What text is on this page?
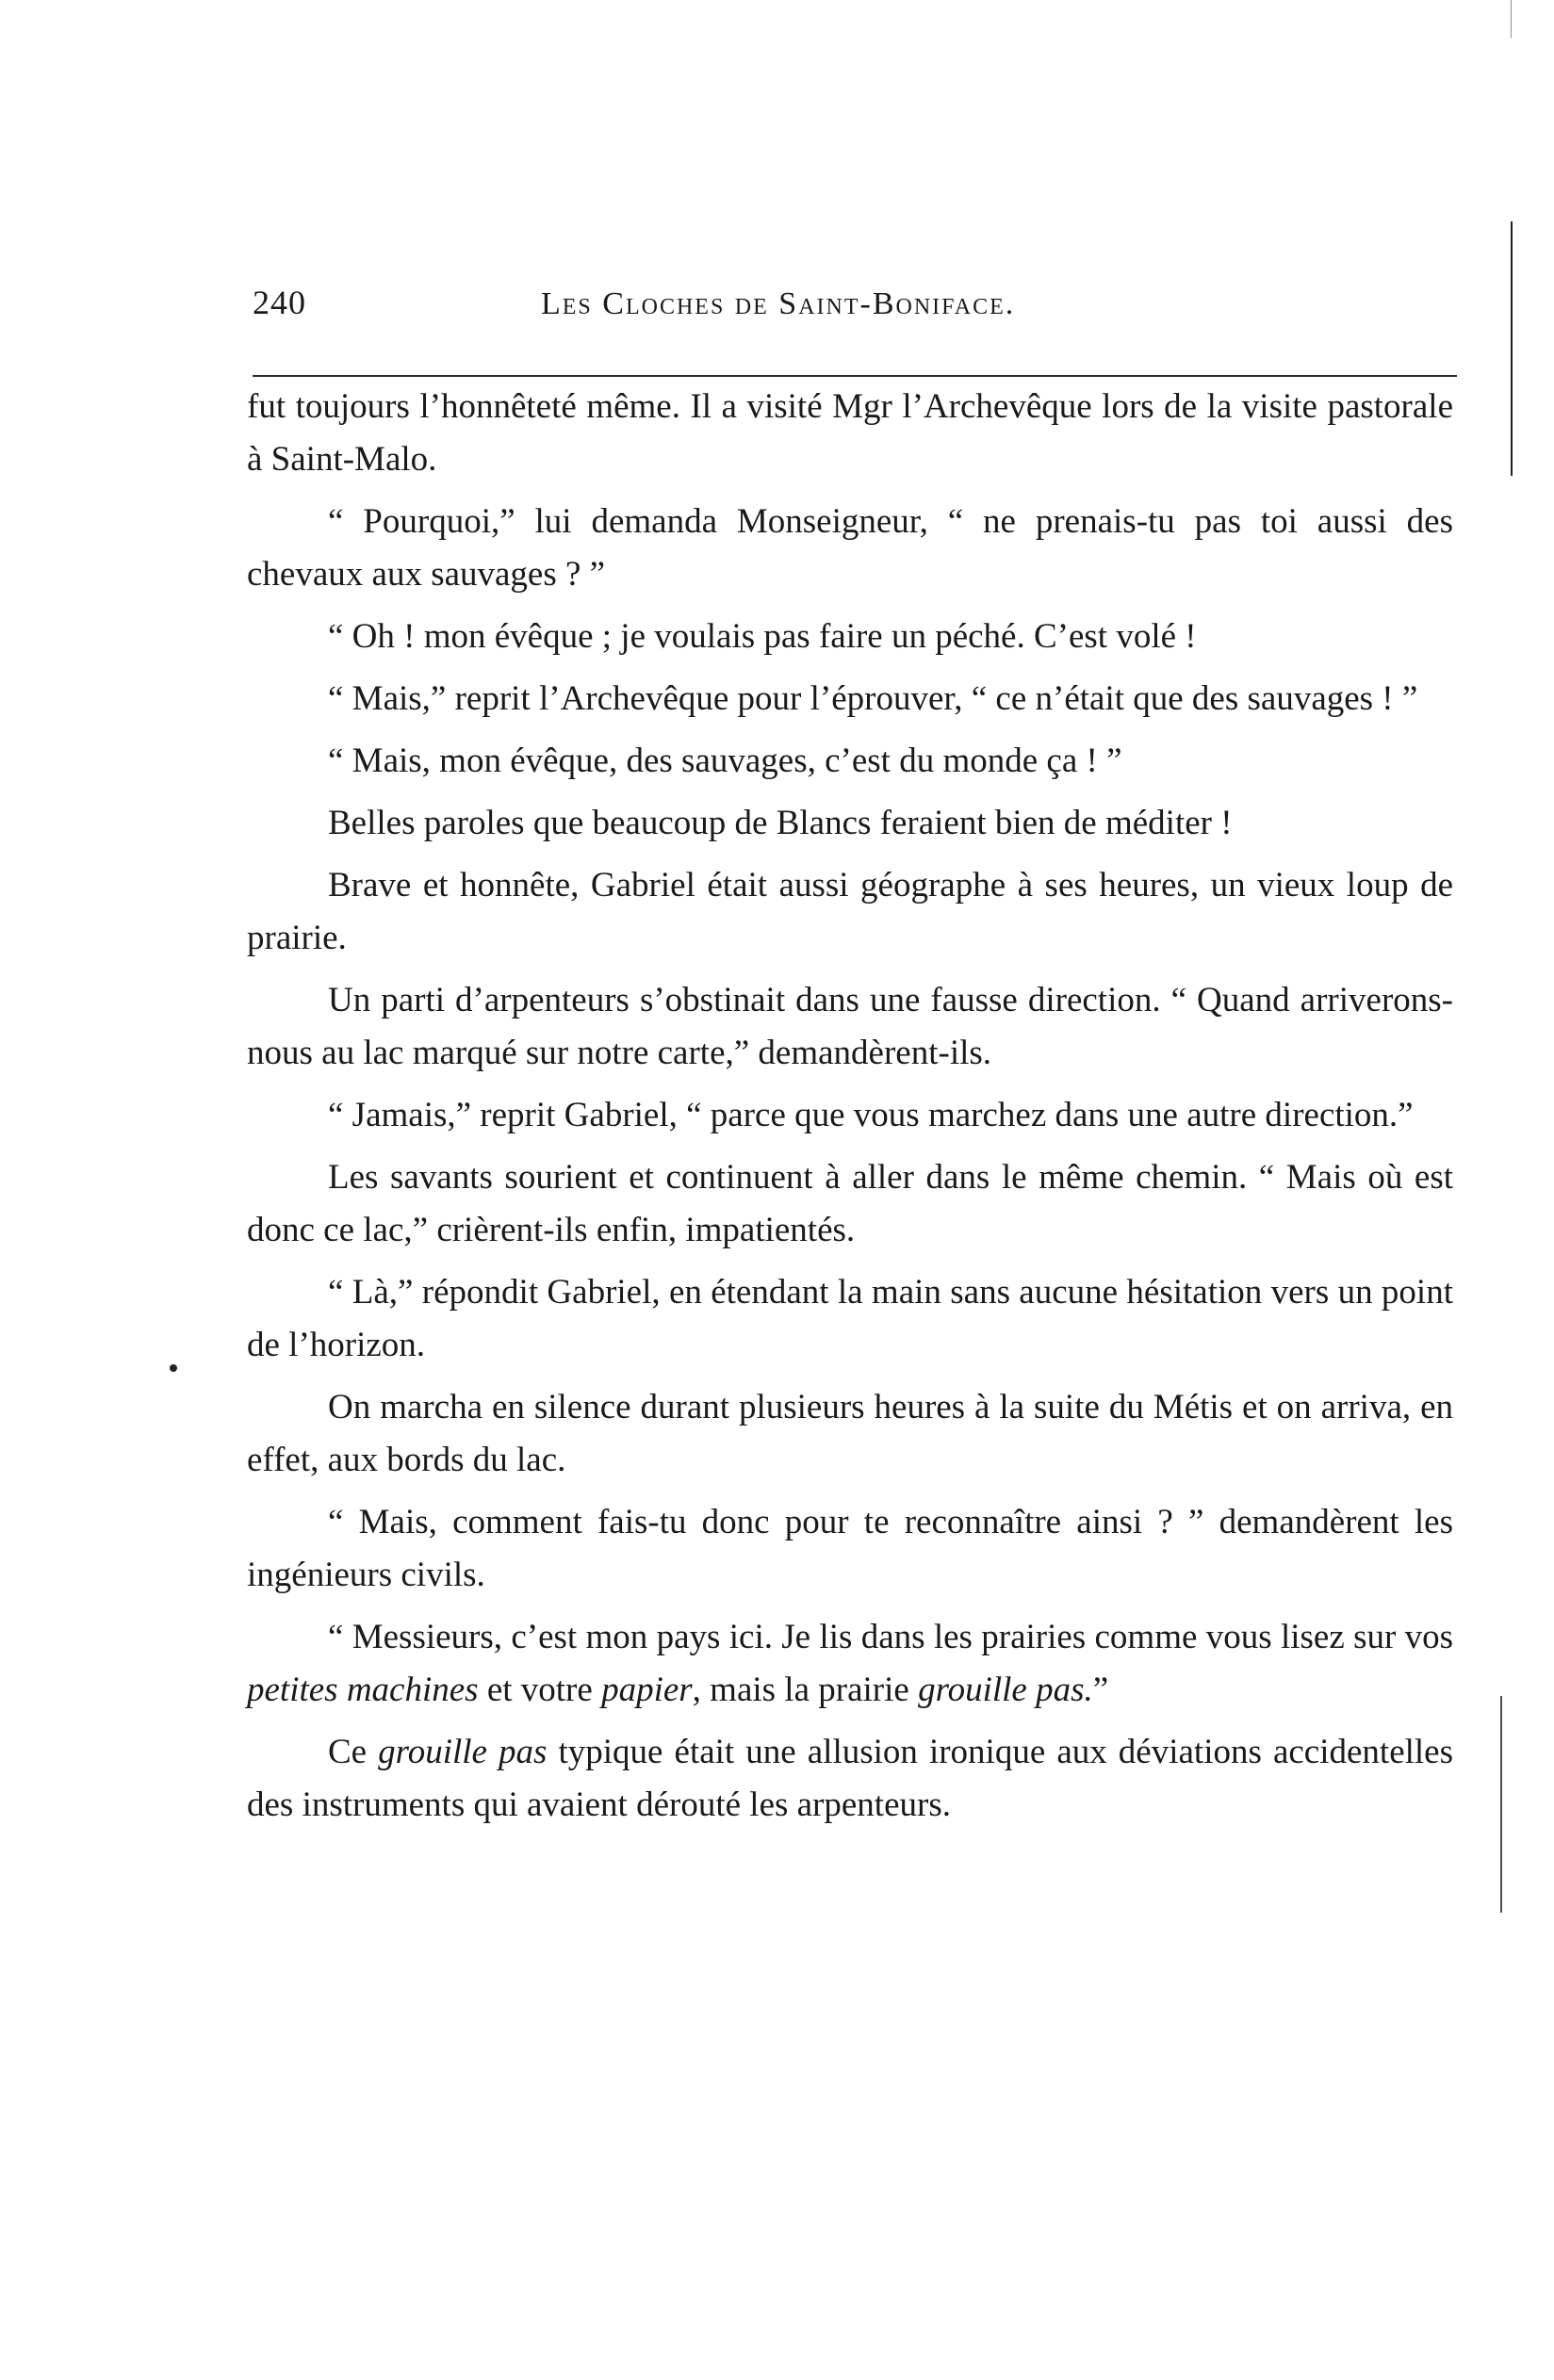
240	Les Cloches de Saint-Boniface.

fut toujours l’honnêteté même. Il a visité Mgr l’Archevêque lors de la visite pastorale à Saint-Malo.

“ Pourquoi,” lui demanda Monseigneur, “ ne prenais-tu pas toi aussi des chevaux aux sauvages ? ”

“ Oh ! mon évêque ; je voulais pas faire un péché. C’est volé !

“ Mais,” reprit l’Archevêque pour l’éprouver, “ ce n’était que des sauvages ! ”

“ Mais, mon évêque, des sauvages, c’est du monde ça ! ”

Belles paroles que beaucoup de Blancs feraient bien de méditer !

Brave et honnête, Gabriel était aussi géographe à ses heures, un vieux loup de prairie.

Un parti d’arpenteurs s’obstinait dans une fausse direction. “ Quand arriverons-nous au lac marqué sur notre carte,” demandèrent-ils.

“ Jamais,” reprit Gabriel, “ parce que vous marchez dans une autre direction.”

Les savants sourient et continuent à aller dans le même chemin. “ Mais où est donc ce lac,” crièrent-ils enfin, impatientés.

“ Là,” répondit Gabriel, en étendant la main sans aucune hésitation vers un point de l’horizon.

On marcha en silence durant plusieurs heures à la suite du Métis et on arriva, en effet, aux bords du lac.

“ Mais, comment fais-tu donc pour te reconnaître ainsi ? ” demandèrent les ingénieurs civils.

“ Messieurs, c’est mon pays ici. Je lis dans les prairies comme vous lisez sur vos petites machines et votre papier, mais la prairie grouille pas.”

Ce grouille pas typique était une allusion ironique aux déviations accidentelles des instruments qui avaient dérouté les arpenteurs.
